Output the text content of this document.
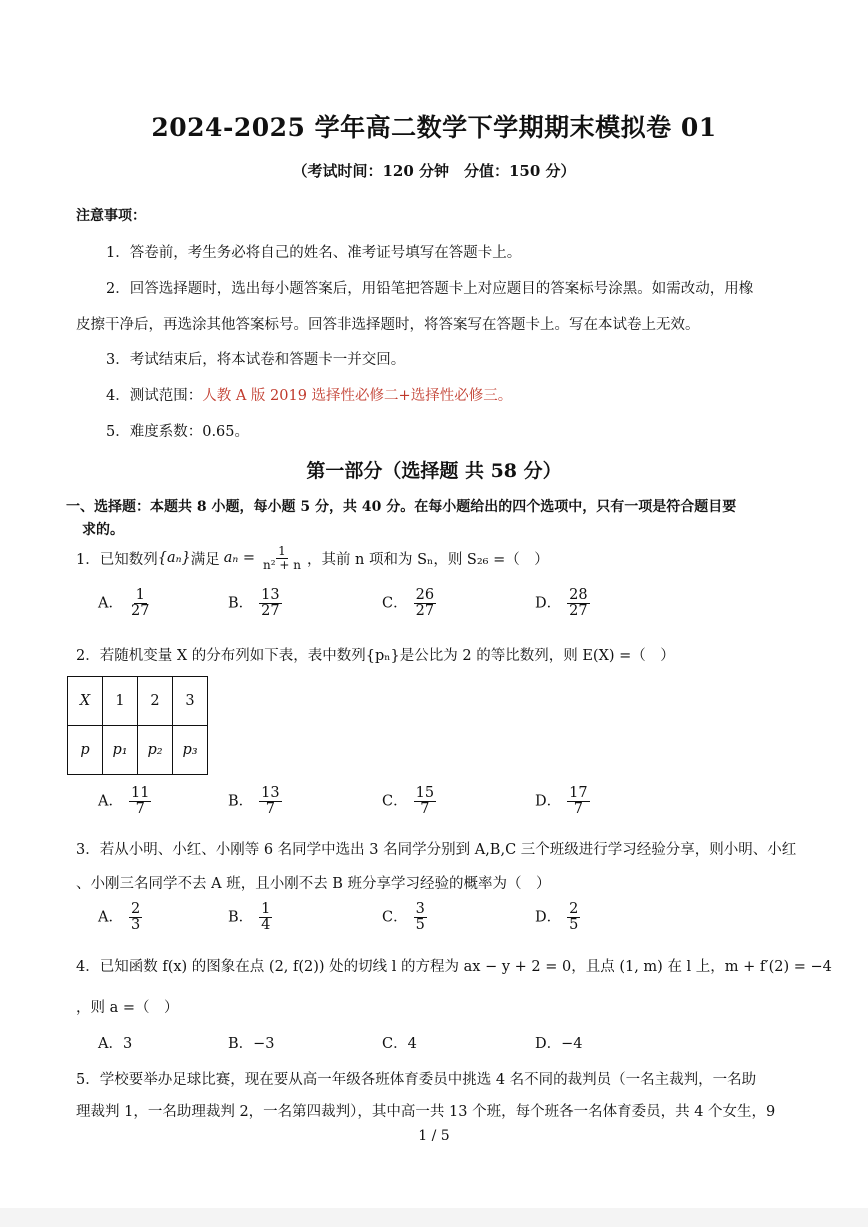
2024-2025 学年高二数学下学期期末模拟卷 01
（考试时间：120 分钟　分值：150 分）
注意事项：
1．答卷前，考生务必将自己的姓名、准考证号填写在答题卡上。
2．回答选择题时，选出每小题答案后，用铅笔把答题卡上对应题目的答案标号涂黑。如需改动，用橡
皮擦干净后，再选涂其他答案标号。回答非选择题时，将答案写在答题卡上。写在本试卷上无效。
3．考试结束后，将本试卷和答题卡一并交回。
4．测试范围：人教 A 版 2019 选择性必修二+选择性必修三。
5．难度系数：0.65。
第一部分（选择题 共 58 分）
一、选择题：本题共 8 小题，每小题 5 分，共 40 分。在每小题给出的四个选项中，只有一项是符合题目要
求的。
1．已知数列 {aₙ} 满足 $a_n = \frac{1}{\text{n² + n}}$ ，其前 n 项和为 Sₙ，则 S₂₆ =（　）
A． $\frac{1}{27}$	B． $\frac{13}{27}$	C． $\frac{26}{27}$	D． $\frac{28}{27}$
2．若随机变量 X 的分布列如下表，表中数列{pₙ}是公比为 2 的等比数列，则 E(X) =（　）
X	1	2	3
p	p₁	p₂	p₃
A． $\frac{11}{7}$	B． $\frac{13}{7}$	C． $\frac{15}{7}$	D． $\frac{17}{7}$
3．若从小明、小红、小刚等 6 名同学中选出 3 名同学分别到 A,B,C 三个班级进行学习经验分享，则小明、小红
、小刚三名同学不去 A 班，且小刚不去 B 班分享学习经验的概率为（　）
A． $\frac{2}{3}$	B． $\frac{1}{4}$	C． $\frac{3}{5}$	D． $\frac{2}{5}$
4．已知函数 f(x) 的图象在点 (2, f(2)) 处的切线 l 的方程为 ax − y + 2 = 0，且点 (1, m) 在 l 上，m + f′(2) = −4
，则 a =（　）
A．3	B．−3	C．4	D．−4
5．学校要举办足球比赛，现在要从高一年级各班体育委员中挑选 4 名不同的裁判员（一名主裁判，一名助
理裁判 1，一名助理裁判 2，一名第四裁判），其中高一共 13 个班，每个班各一名体育委员，共 4 个女生，9
1 / 5
